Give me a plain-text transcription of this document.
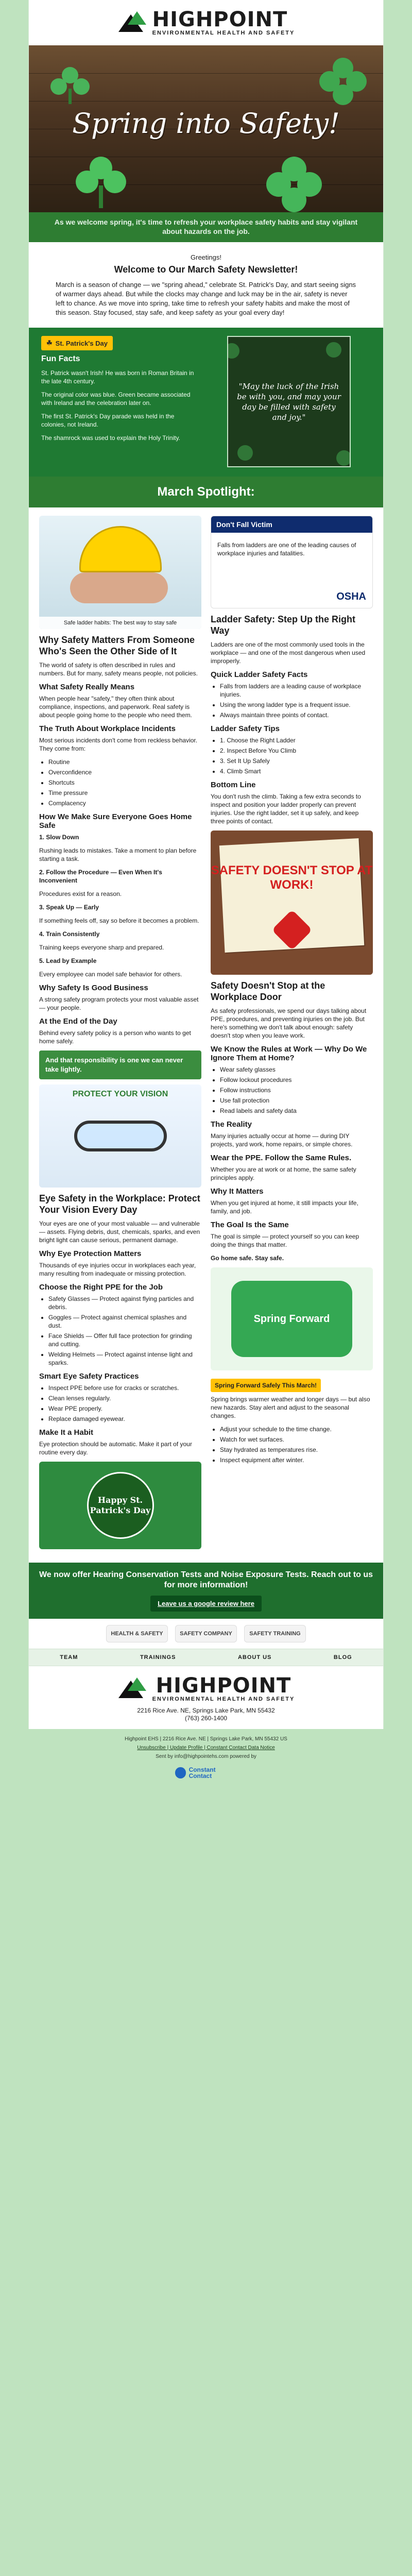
HIGHPOINT
ENVIRONMENTAL HEALTH AND SAFETY
Spring into Safety!
As we welcome spring, it's time to refresh your workplace safety habits and stay vigilant about hazards on the job.
Greetings!
Welcome to Our March Safety Newsletter!

March is a season of change — we "spring ahead," celebrate St. Patrick's Day, and start seeing signs of warmer days ahead. But while the clocks may change and luck may be in the air, safety is never left to chance. As we move into spring, take time to refresh your safety habits and make the most of this season. Stay focused, stay safe, and keep safety as your goal every day!

☘ St. Patrick's Day
Fun Facts

St. Patrick wasn't Irish! He was born in Roman Britain in the late 4th century.

The original color was blue. Green became associated with Ireland and the celebration later on.

The first St. Patrick's Day parade was held in the colonies, not Ireland.

The shamrock was used to explain the Holy Trinity.

"May the luck of the Irish be with you, and may your day be filled with safety and joy."
March Spotlight:
Safe ladder habits: The best way to stay safe
Why Safety Matters From Someone Who's Seen the Other Side of It

The world of safety is often described in rules and numbers. But for many, safety means people, not policies.

What Safety Really Means

When people hear "safety," they often think about compliance, inspections, and paperwork. Real safety is about people going home to the people who need them.

The Truth About Workplace Incidents

Most serious incidents don't come from reckless behavior. They come from:

• Routine
• Overconfidence
• Shortcuts
• Time pressure
• Complacency
How We Make Sure Everyone Goes Home Safe

1. Slow Down

Rushing leads to mistakes. Take a moment to plan before starting a task.

2. Follow the Procedure — Even When It's Inconvenient

Procedures exist for a reason.

3. Speak Up — Early

If something feels off, say so before it becomes a problem.

4. Train Consistently

Training keeps everyone sharp and prepared.

5. Lead by Example

Every employee can model safe behavior for others.

Why Safety Is Good Business

A strong safety program protects your most valuable asset — your people.

At the End of the Day

Behind every safety policy is a person who wants to get home safely.

And that responsibility is one we can never take lightly.
PROTECT YOUR VISION
Eye Safety in the Workplace: Protect Your Vision Every Day

Your eyes are one of your most valuable — and vulnerable — assets. Flying debris, dust, chemicals, sparks, and even bright light can cause serious, permanent damage.

Why Eye Protection Matters

Thousands of eye injuries occur in workplaces each year, many resulting from inadequate or missing protection.

Choose the Right PPE for the Job
• Safety Glasses — Protect against flying particles and debris.
• Goggles — Protect against chemical splashes and dust.
• Face Shields — Offer full face protection for grinding and cutting.
• Welding Helmets — Protect against intense light and sparks.
Smart Eye Safety Practices
• Inspect PPE before use for cracks or scratches.
• Clean lenses regularly.
• Wear PPE properly.
• Replace damaged eyewear.
Make It a Habit

Eye protection should be automatic. Make it part of your routine every day.

Happy St. Patrick's Day
Don't Fall Victim
Falls from ladders are one of the leading causes of workplace injuries and fatalities.
OSHA
Ladder Safety: Step Up the Right Way

Ladders are one of the most commonly used tools in the workplace — and one of the most dangerous when used improperly.

Quick Ladder Safety Facts
• Falls from ladders are a leading cause of workplace injuries.
• Using the wrong ladder type is a frequent issue.
• Always maintain three points of contact.
Ladder Safety Tips
• 1. Choose the Right Ladder
• 2. Inspect Before You Climb
• 3. Set It Up Safely
• 4. Climb Smart
Bottom Line

You don't rush the climb. Taking a few extra seconds to inspect and position your ladder properly can prevent injuries. Use the right ladder, set it up safely, and keep three points of contact.

SAFETY DOESN'T STOP AT WORK!
Safety Doesn't Stop at the Workplace Door

As safety professionals, we spend our days talking about PPE, procedures, and preventing injuries on the job. But here's something we don't talk about enough: safety doesn't stop when you leave work.

We Know the Rules at Work — Why Do We Ignore Them at Home?
• Wear safety glasses
• Follow lockout procedures
• Follow instructions
• Use fall protection
• Read labels and safety data
The Reality

Many injuries actually occur at home — during DIY projects, yard work, home repairs, or simple chores.

Wear the PPE. Follow the Same Rules.

Whether you are at work or at home, the same safety principles apply.

Why It Matters

When you get injured at home, it still impacts your life, family, and job.

The Goal Is the Same

The goal is simple — protect yourself so you can keep doing the things that matter.

Go home safe. Stay safe.

Spring Forward
Spring Forward Safely This March!

Spring brings warmer weather and longer days — but also new hazards. Stay alert and adjust to the seasonal changes.

• Adjust your schedule to the time change.
• Watch for wet surfaces.
• Stay hydrated as temperatures rise.
• Inspect equipment after winter.
We now offer Hearing Conservation Tests and Noise Exposure Tests. Reach out to us for more information!
Leave us a google review here
HEALTH & SAFETY	SAFETY COMPANY	SAFETY TRAINING
TEAM	TRAININGS	ABOUT US	BLOG
HIGHPOINT
ENVIRONMENTAL HEALTH AND SAFETY
2216 Rice Ave. NE, Springs Lake Park, MN 55432
(763) 260-1400
Highpoint EHS | 2216 Rice Ave. NE | Springs Lake Park, MN 55432 US
Unsubscribe | Update Profile | Constant Contact Data Notice
Sent by info@highpointehs.com powered by
Constant Contact
